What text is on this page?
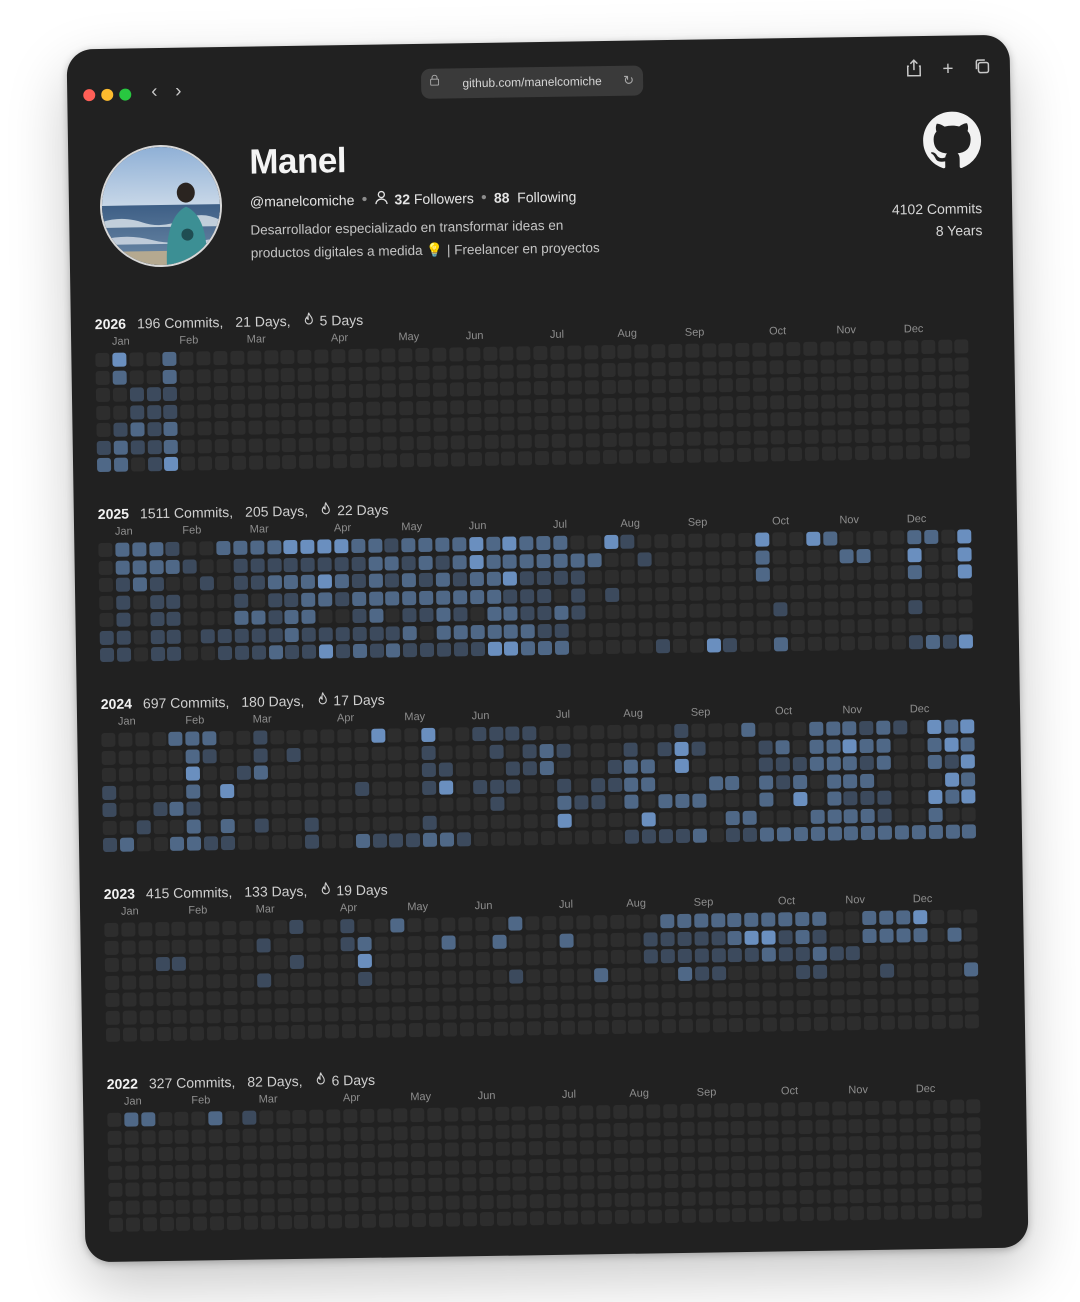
‹ ›	github.com/manelcomiche ↻
+
Manel
@manelcomiche ● 32 Followers ● 88 Following
Desarrollador especializado en transformar ideas en
productos digitales a medida 💡 | Freelancer en proyectos
4102 Commits
8 Years
2026 196 Commits, 21 Days, 5 Days
Jan	Feb	Mar	Apr	May	Jun	Jul	Aug	Sep	Oct	Nov	Dec
2025 1511 Commits, 205 Days, 22 Days
Jan	Feb	Mar	Apr	May	Jun	Jul	Aug	Sep	Oct	Nov	Dec
2024 697 Commits, 180 Days, 17 Days
Jan	Feb	Mar	Apr	May	Jun	Jul	Aug	Sep	Oct	Nov	Dec
2023 415 Commits, 133 Days, 19 Days
Jan	Feb	Mar	Apr	May	Jun	Jul	Aug	Sep	Oct	Nov	Dec
2022 327 Commits, 82 Days, 6 Days
Jan	Feb	Mar	Apr	May	Jun	Jul	Aug	Sep	Oct	Nov	Dec
